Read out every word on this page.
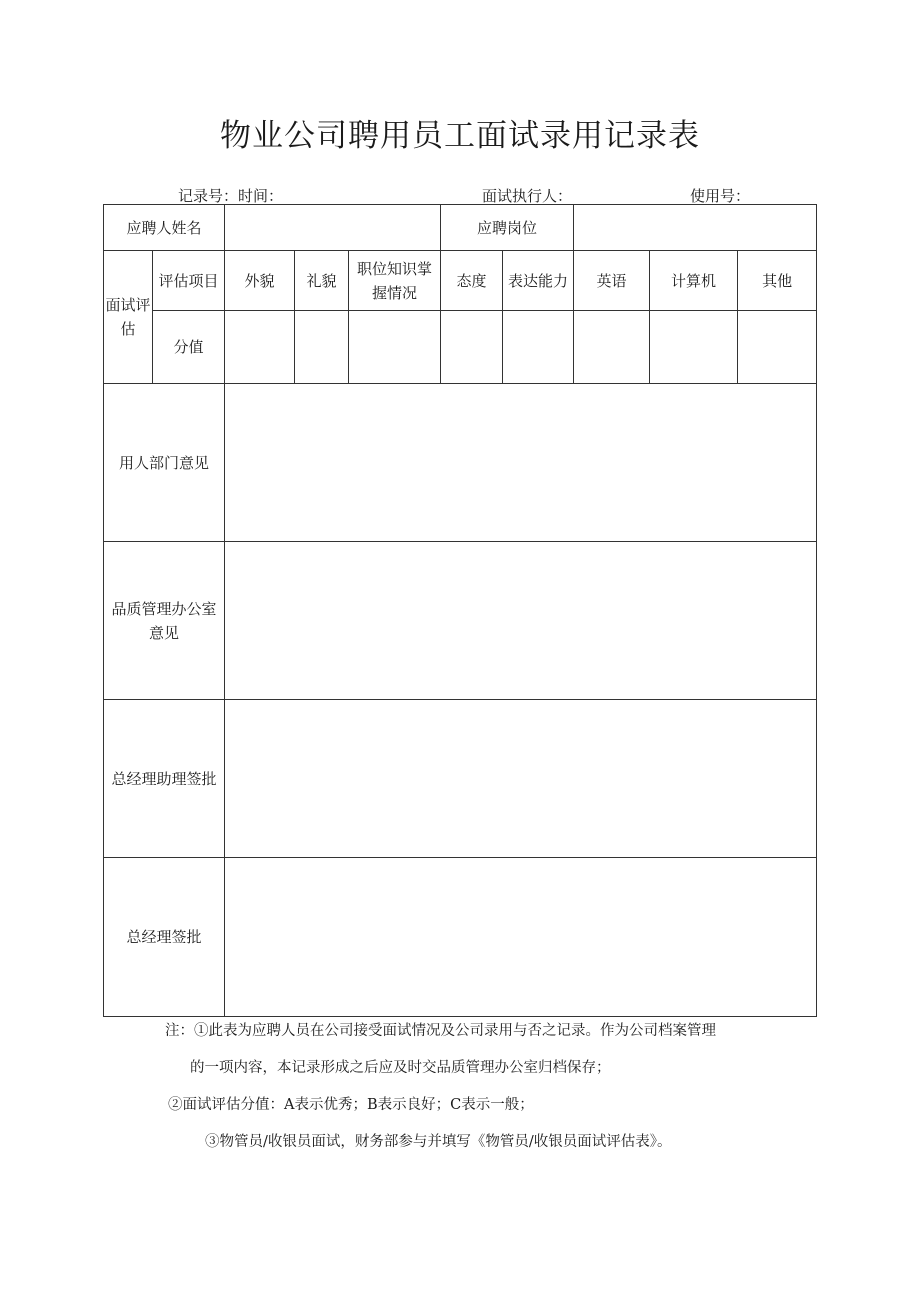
物业公司聘用员工面试录用记录表
记录号：时间：	面试执行人：	使用号：
应聘人姓名					应聘岗位				
面试评估	评估项目	外貌	礼貌	职位知识掌握情况	态度	表达能力	英语	计算机	其他
	分值								
用人部门意见									
品质管理办公室意见									
总经理助理签批									
总经理签批									
注：①此表为应聘人员在公司接受面试情况及公司录用与否之记录。作为公司档案管理
的一项内容，本记录形成之后应及时交品质管理办公室归档保存；
②面试评估分值：A表示优秀；B表示良好；C表示一般；
③物管员/收银员面试，财务部参与并填写《物管员/收银员面试评估表》。
